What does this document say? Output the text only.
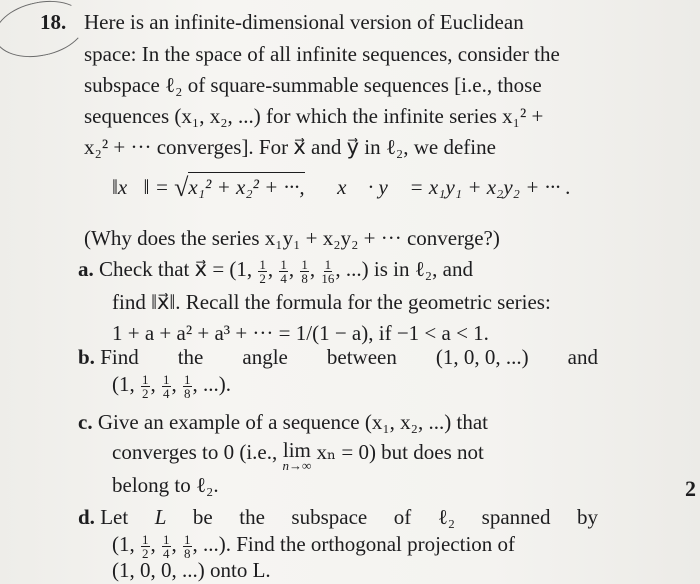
18. Here is an infinite-dimensional version of Euclidean
space: In the space of all infinite sequences, consider the
subspace ℓ₂ of square-summable sequences [i.e., those
sequences (x₁, x₂, ...) for which the infinite series x₁² +
x₂² + ··· converges]. For x⃗ and y⃗ in ℓ₂, we define
‖x⃗‖ = √x₁² + x₂² + ···, x⃗ · y⃗ = x₁y₁ + x₂y₂ + ··· .
(Why does the series x₁y₁ + x₂y₂ + ··· converge?)
a. Check that x⃗ = (1, $\frac{1}{2}$ , $\frac{1}{4}$ , $\frac{1}{8}$ , $\frac{1}{16}$ , ...) is in ℓ₂, and
find ‖x⃗‖. Recall the formula for the geometric series:
1 + a + a² + a³ + ··· = 1/(1 − a), if −1 < a < 1.
b. Find the angle between (1, 0, 0, ...) and
(1, $\frac{1}{2}$ , $\frac{1}{4}$ , $\frac{1}{8}$ , ...).
c. Give an example of a sequence (x₁, x₂, ...) that
converges to 0 (i.e., lim
n→∞
xₙ = 0) but does not
belong to ℓ₂.
d. Let L be the subspace of ℓ₂ spanned by
(1, $\frac{1}{2}$ , $\frac{1}{4}$ , $\frac{1}{8}$ , ...). Find the orthogonal projection of
(1, 0, 0, ...) onto L.
2
